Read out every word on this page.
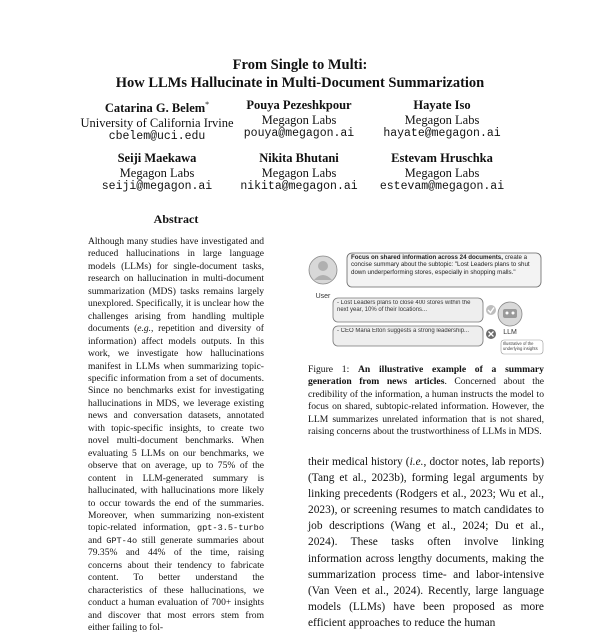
From Single to Multi:
How LLMs Hallucinate in Multi-Document Summarization
Catarina G. Belem*
University of California Irvine
cbelem@uci.edu
Pouya Pezeshkpour
Megagon Labs
pouya@megagon.ai
Hayate Iso
Megagon Labs
hayate@megagon.ai
Seiji Maekawa
Megagon Labs
seiji@megagon.ai
Nikita Bhutani
Megagon Labs
nikita@megagon.ai
Estevam Hruschka
Megagon Labs
estevam@megagon.ai
Abstract
Although many studies have investigated and reduced hallucinations in large language models (LLMs) for single-document tasks, research on hallucination in multi-document summarization (MDS) tasks remains largely unexplored. Specifically, it is unclear how the challenges arising from handling multiple documents (e.g., repetition and diversity of information) affect models outputs. In this work, we investigate how hallucinations manifest in LLMs when summarizing topic-specific information from a set of documents. Since no benchmarks exist for investigating hallucinations in MDS, we leverage existing news and conversation datasets, annotated with topic-specific insights, to create two novel multi-document benchmarks. When evaluating 5 LLMs on our benchmarks, we observe that on average, up to 75% of the content in LLM-generated summary is hallucinated, with hallucinations more likely to occur towards the end of the summaries. Moreover, when summarizing non-existent topic-related information, gpt-3.5-turbo and GPT-4o still generate summaries about 79.35% and 44% of the time, raising concerns about their tendency to fabricate content. To better understand the characteristics of these hallucinations, we conduct a human evaluation of 700+ insights and discover that most errors stem from either failing to fol-
User
Focus on shared information across 24 documents, create a concise summary about the subtopic: "Lost Leaders plans to shut down underperforming stores, especially in shopping malls."
- Lost Leaders plans to close 400 stores within the next year, 10% of their locations...
- CEO Maria Elton suggests a strong leadership...	LLM
Illustrative of the underlying insights
Figure 1: An illustrative example of a summary generation from news articles. Concerned about the credibility of the information, a human instructs the model to focus on shared, subtopic-related information. However, the LLM summarizes unrelated information that is not shared, raising concerns about the trustworthiness of LLMs in MDS.
their medical history (i.e., doctor notes, lab reports) (Tang et al., 2023b), forming legal arguments by linking precedents (Rodgers et al., 2023; Wu et al., 2023), or screening resumes to match candidates to job descriptions (Wang et al., 2024; Du et al., 2024). These tasks often involve linking information across lengthy documents, making the summarization process time- and labor-intensive (Van Veen et al., 2024). Recently, large language models (LLMs) have been proposed as more efficient approaches to reduce the human
